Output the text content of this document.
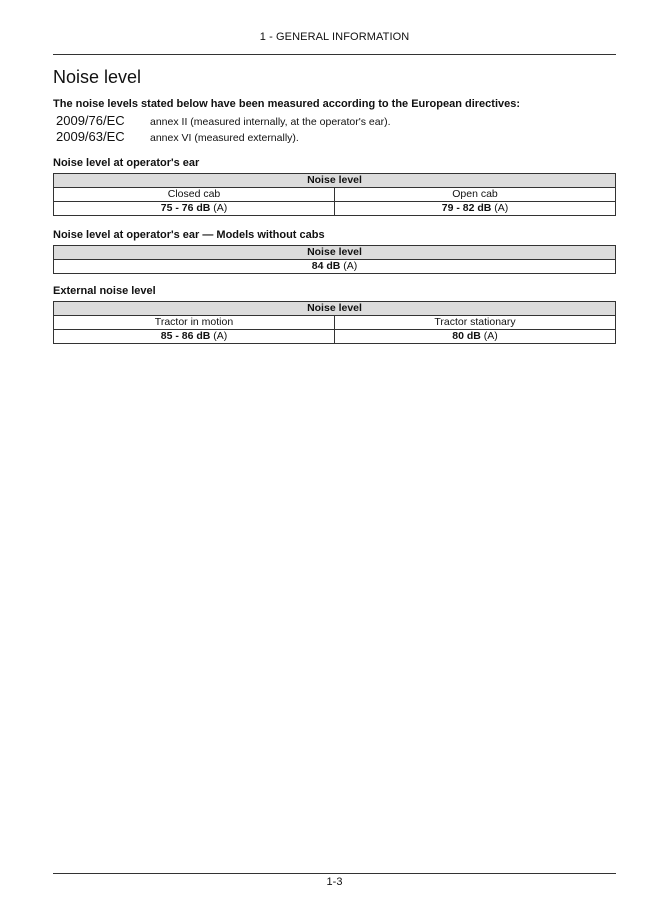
1 - GENERAL INFORMATION
Noise level
The noise levels stated below have been measured according to the European directives:
2009/76/EC	annex II (measured internally, at the operator's ear).
2009/63/EC	annex VI (measured externally).
Noise level at operator's ear
Noise level	
Closed cab	Open cab
75 - 76 dB (A)	79 - 82 dB (A)
Noise level at operator's ear — Models without cabs
Noise level
84 dB (A)
External noise level
Noise level	
Tractor in motion	Tractor stationary
85 - 86 dB (A)	80 dB (A)
1-3
